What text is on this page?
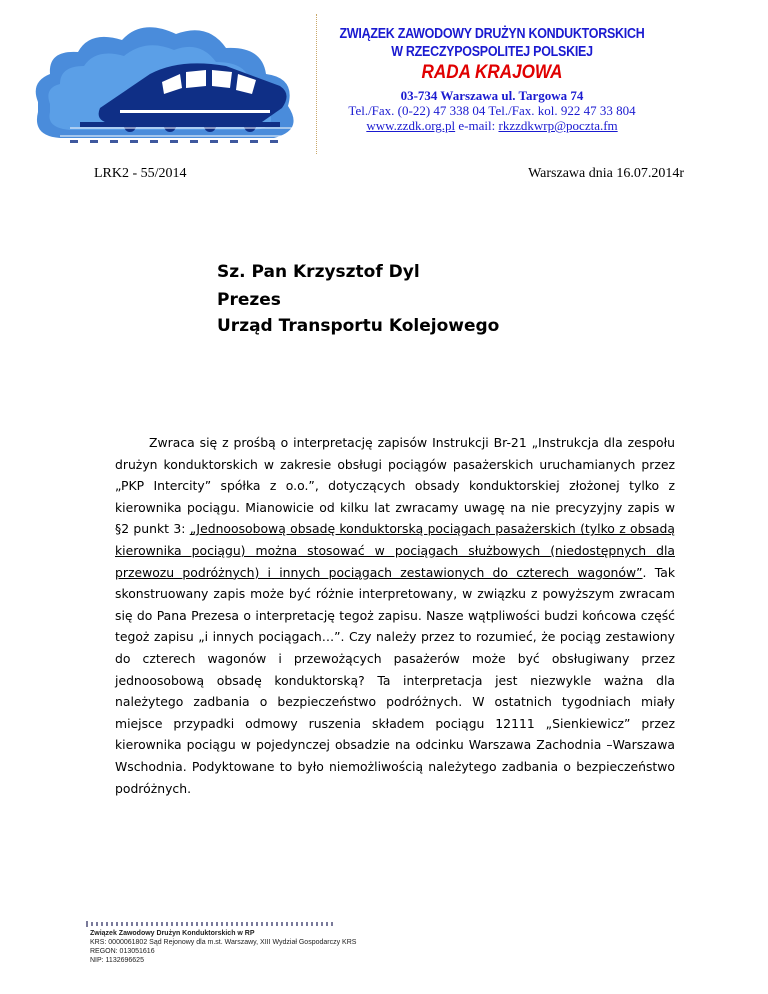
ZWIĄZEK ZAWODOWY DRUŻYN KONDUKTORSKICH
W RZECZYPOSPOLITEJ POLSKIEJ
RADA KRAJOWA
03-734 Warszawa ul. Targowa 74
Tel./Fax. (0-22) 47 338 04 Tel./Fax. kol. 922 47 33 804
www.zzdk.org.pl e-mail: rkzzdkwrp@poczta.fm
LRK2 - 55/2014	Warszawa dnia 16.07.2014r
Sz. Pan Krzysztof Dyl
Prezes
Urząd Transportu Kolejowego

Zwraca się z prośbą o interpretację zapisów Instrukcji Br-21 „Instrukcja dla zespołu drużyn konduktorskich w zakresie obsługi pociągów pasażerskich uruchamianych przez „PKP Intercity” spółka z o.o.”, dotyczących obsady konduktorskiej złożonej tylko z kierownika pociągu. Mianowicie od kilku lat zwracamy uwagę na nie precyzyjny zapis w §2 punkt 3: „Jednoosobową obsadę konduktorską pociągach pasażerskich (tylko z obsadą kierownika pociągu) można stosować w pociągach służbowych (niedostępnych dla przewozu podróżnych) i innych pociągach zestawionych do czterech wagonów”. Tak skonstruowany zapis może być różnie interpretowany, w związku z powyższym zwracam się do Pana Prezesa o interpretację tegoż zapisu. Nasze wątpliwości budzi końcowa część tegoż zapisu „i innych pociągach…”. Czy należy przez to rozumieć, że pociąg zestawiony do czterech wagonów i przewożących pasażerów może być obsługiwany przez jednoosobową obsadę konduktorską? Ta interpretacja jest niezwykle ważna dla należytego zadbania o bezpieczeństwo podróżnych. W ostatnich tygodniach miały miejsce przypadki odmowy ruszenia składem pociągu 12111 „Sienkiewicz” przez kierownika pociągu w pojedynczej obsadzie na odcinku Warszawa Zachodnia –Warszawa Wschodnia. Podyktowane to było niemożliwością należytego zadbania o bezpieczeństwo podróżnych.

Związek Zawodowy Drużyn Konduktorskich w RP
KRS: 0000061802 Sąd Rejonowy dla m.st. Warszawy, XIII Wydział Gospodarczy KRS
REGON: 013051616
NIP: 1132696625
